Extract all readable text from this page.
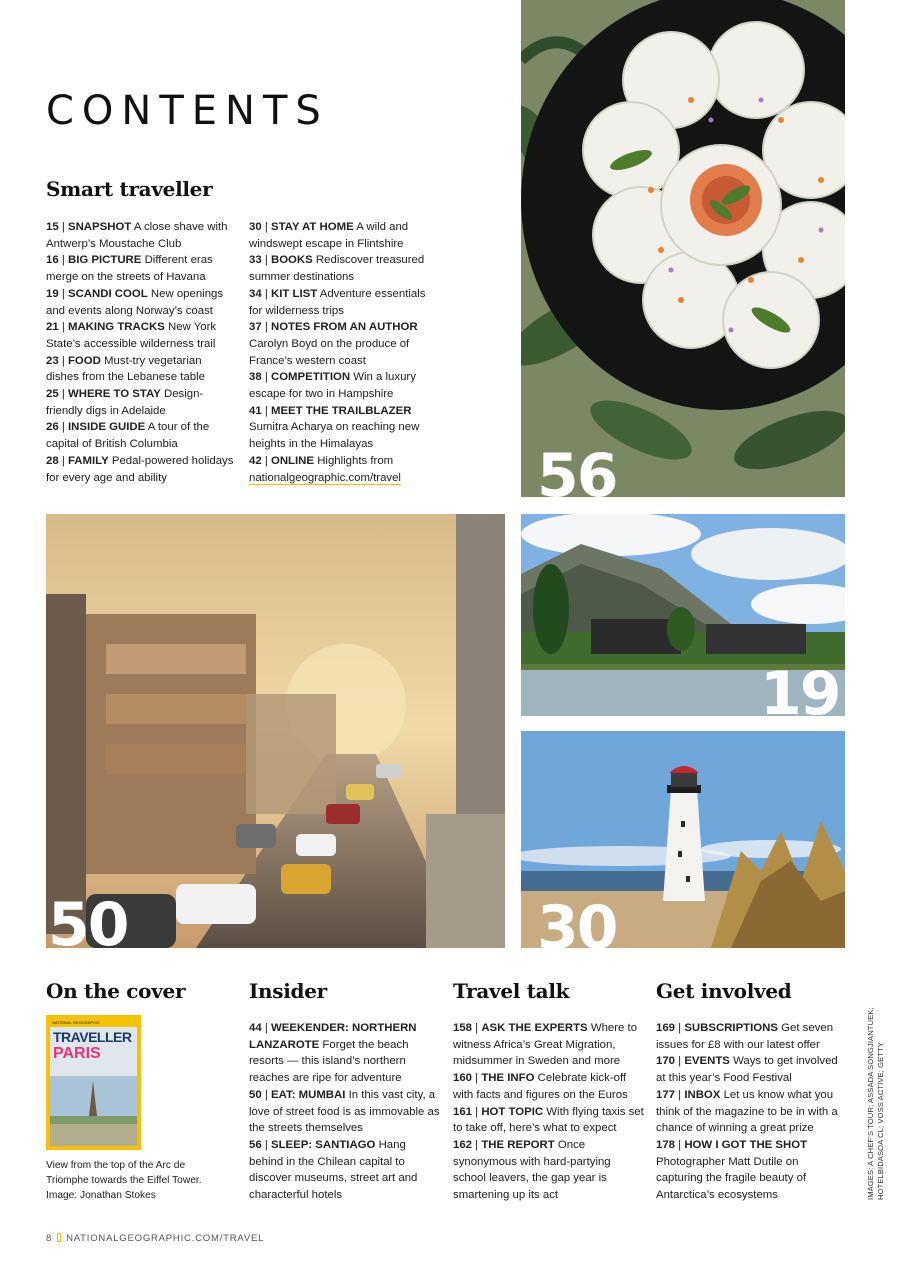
CONTENTS
Smart traveller

15 | SNAPSHOT A close shave with Antwerp’s Moustache Club

16 | BIG PICTURE Different eras merge on the streets of Havana

19 | SCANDI COOL New openings and events along Norway’s coast

21 | MAKING TRACKS New York State’s accessible wilderness trail

23 | FOOD Must-try vegetarian dishes from the Lebanese table

25 | WHERE TO STAY Design-friendly digs in Adelaide

26 | INSIDE GUIDE A tour of the capital of British Columbia

28 | FAMILY Pedal-powered holidays for every age and ability

30 | STAY AT HOME A wild and windswept escape in Flintshire

33 | BOOKS Rediscover treasured summer destinations

34 | KIT LIST Adventure essentials for wilderness trips

37 | NOTES FROM AN AUTHOR Carolyn Boyd on the produce of France’s western coast

38 | COMPETITION Win a luxury escape for two in Hampshire

41 | MEET THE TRAILBLAZER Sumitra Acharya on reaching new heights in the Himalayas

42 | ONLINE Highlights from nationalgeographic.com/travel	56
50
19
30
On the cover
NATIONAL GEOGRAPHIC
TRAVELLER
PARIS

View from the top of the Arc de Triomphe towards the Eiffel Tower. Image: Jonathan Stokes

Insider

44 | WEEKENDER: NORTHERN LANZAROTE Forget the beach resorts — this island’s northern reaches are ripe for adventure

50 | EAT: MUMBAI In this vast city, a love of street food is as immovable as the streets themselves

56 | SLEEP: SANTIAGO Hang behind in the Chilean capital to discover museums, street art and characterful hotels

Travel talk

158 | ASK THE EXPERTS Where to witness Africa’s Great Migration, midsummer in Sweden and more

160 | THE INFO Celebrate kick-off with facts and figures on the Euros

161 | HOT TOPIC With flying taxis set to take off, here’s what to expect

162 | THE REPORT Once synonymous with hard-partying school leavers, the gap year is smartening up its act

Get involved

169 | SUBSCRIPTIONS Get seven issues for £8 with our latest offer

170 | EVENTS Ways to get involved at this year’s Food Festival

177 | INBOX Let us know what you think of the magazine to be in with a chance of winning a great prize

178 | HOW I GOT THE SHOT Photographer Matt Dutile on capturing the fragile beauty of Antarctica’s ecosystems	IMAGES: A CHEF’S TOUR; ASSADA SONGJIANTUEK; HOTELBIDASOA CL; VOSS ACTIVE; GETTY
8 NATIONALGEOGRAPHIC.COM/TRAVEL
